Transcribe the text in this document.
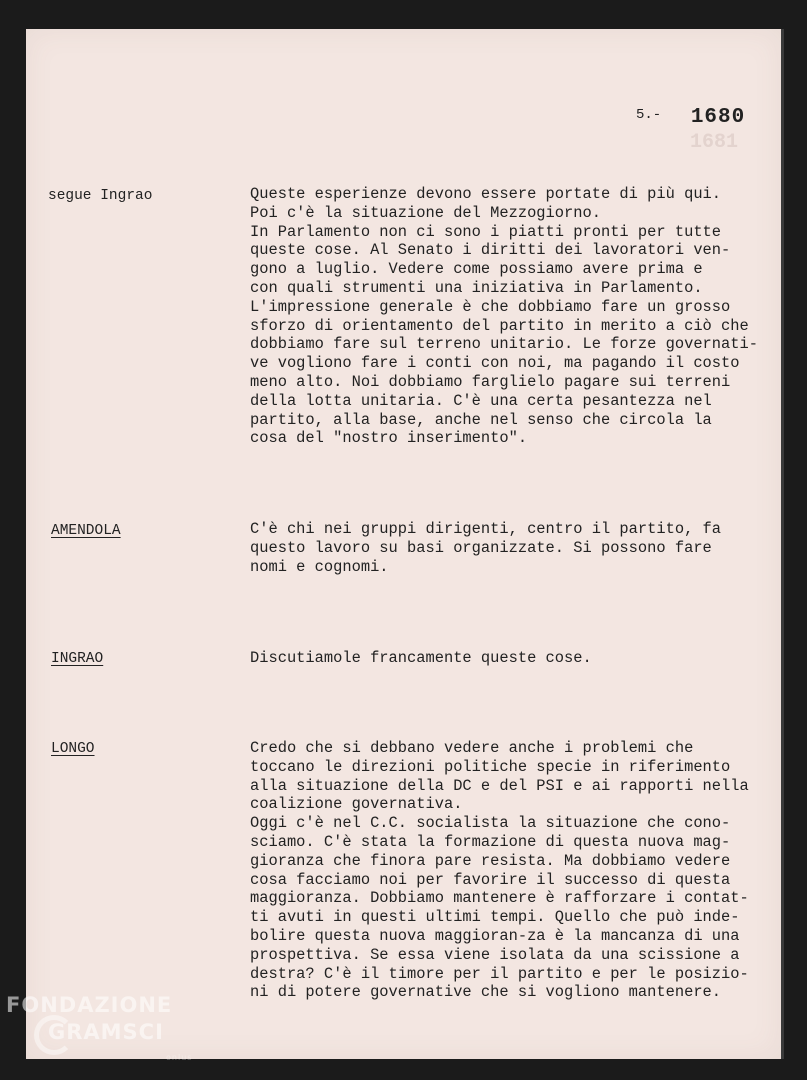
1681
5.- 1680
segue Ingrao	Queste esperienze devono essere portate di più qui.
Poi c'è la situazione del Mezzogiorno.
In Parlamento non ci sono i piatti pronti per tutte
queste cose. Al Senato i diritti dei lavoratori ven-
gono a luglio. Vedere come possiamo avere prima e
con quali strumenti una iniziativa in Parlamento.
L'impressione generale è che dobbiamo fare un grosso
sforzo di orientamento del partito in merito a ciò che
dobbiamo fare sul terreno unitario. Le forze governati-
ve vogliono fare i conti con noi, ma pagando il costo
meno alto. Noi dobbiamo farglielo pagare sui terreni
della lotta unitaria. C'è una certa pesantezza nel
partito, alla base, anche nel senso che circola la
cosa del "nostro inserimento".
AMENDOLA	C'è chi nei gruppi dirigenti, centro il partito, fa
questo lavoro su basi organizzate. Si possono fare
nomi e cognomi.
INGRAO	Discutiamole francamente queste cose.
LONGO	Credo che si debbano vedere anche i problemi che
toccano le direzioni politiche specie in riferimento
alla situazione della DC e del PSI e ai rapporti nella
coalizione governativa.
Oggi c'è nel C.C. socialista la situazione che cono-
sciamo. C'è stata la formazione di questa nuova mag-
gioranza che finora pare resista. Ma dobbiamo vedere
cosa facciamo noi per favorire il successo di questa
maggioranza. Dobbiamo mantenere è rafforzare i contat-
ti avuti in questi ultimi tempi. Quello che può inde-
bolire questa nuova maggioran-za è la mancanza di una
prospettiva. Se essa viene isolata da una scissione a
destra? C'è il timore per il partito e per le posizio-
ni di potere governative che si vogliono mantenere.
FONDAZIONE
GRAMSCI
onlus
